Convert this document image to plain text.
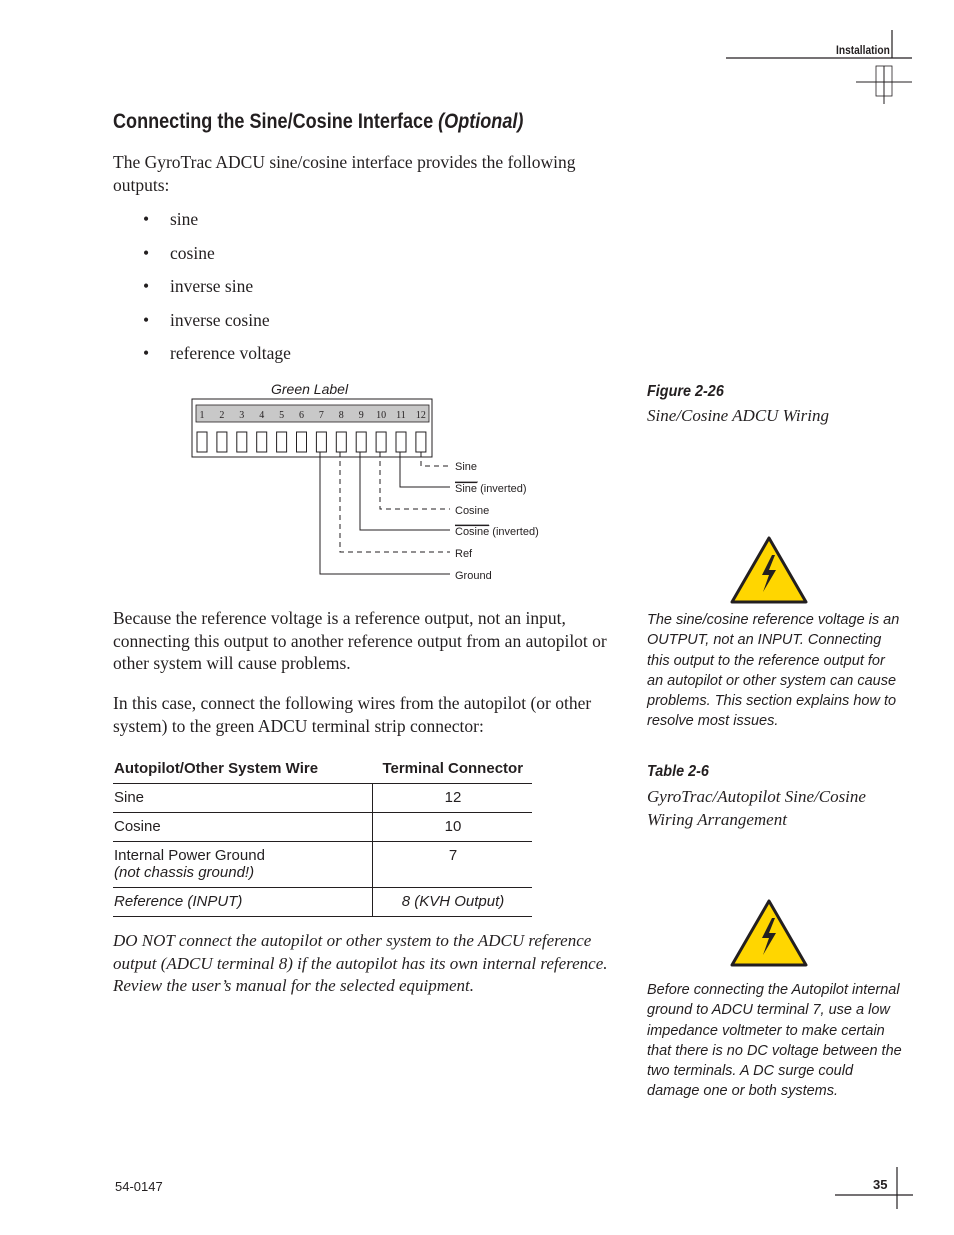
Installation
Connecting the Sine/Cosine Interface (Optional)
The GyroTrac ADCU sine/cosine interface provides the following outputs:
• sine
• cosine
• inverse sine
• inverse cosine
• reference voltage
Green Label
1 2 3 4 5 6 7 8 9 10 11 12
Sine
Sine (inverted)
Cosine
Cosine (inverted)
Ref
Ground
Figure 2-26
Sine/Cosine ADCU Wiring
The sine/cosine reference voltage is an OUTPUT, not an INPUT. Connecting this output to the reference output for an autopilot or other system can cause problems. This section explains how to resolve most issues.
Because the reference voltage is a reference output, not an input, connecting this output to another reference output from an autopilot or other system will cause problems.
In this case, connect the following wires from the autopilot (or other system) to the green ADCU terminal strip connector:
Autopilot/Other System Wire	Terminal Connector
Sine	12
Cosine	10
Internal Power Ground
(not chassis ground!)	7
Reference (INPUT)	8 (KVH Output)
Table 2-6
GyroTrac/Autopilot Sine/Cosine Wiring Arrangement
DO NOT connect the autopilot or other system to the ADCU reference output (ADCU terminal 8) if the autopilot has its own internal reference. Review the user’s manual for the selected equipment.	Before connecting the Autopilot internal ground to ADCU terminal 7, use a low impedance voltmeter to make certain that there is no DC voltage between the two terminals. A DC surge could damage one or both systems.
54-0147	35
